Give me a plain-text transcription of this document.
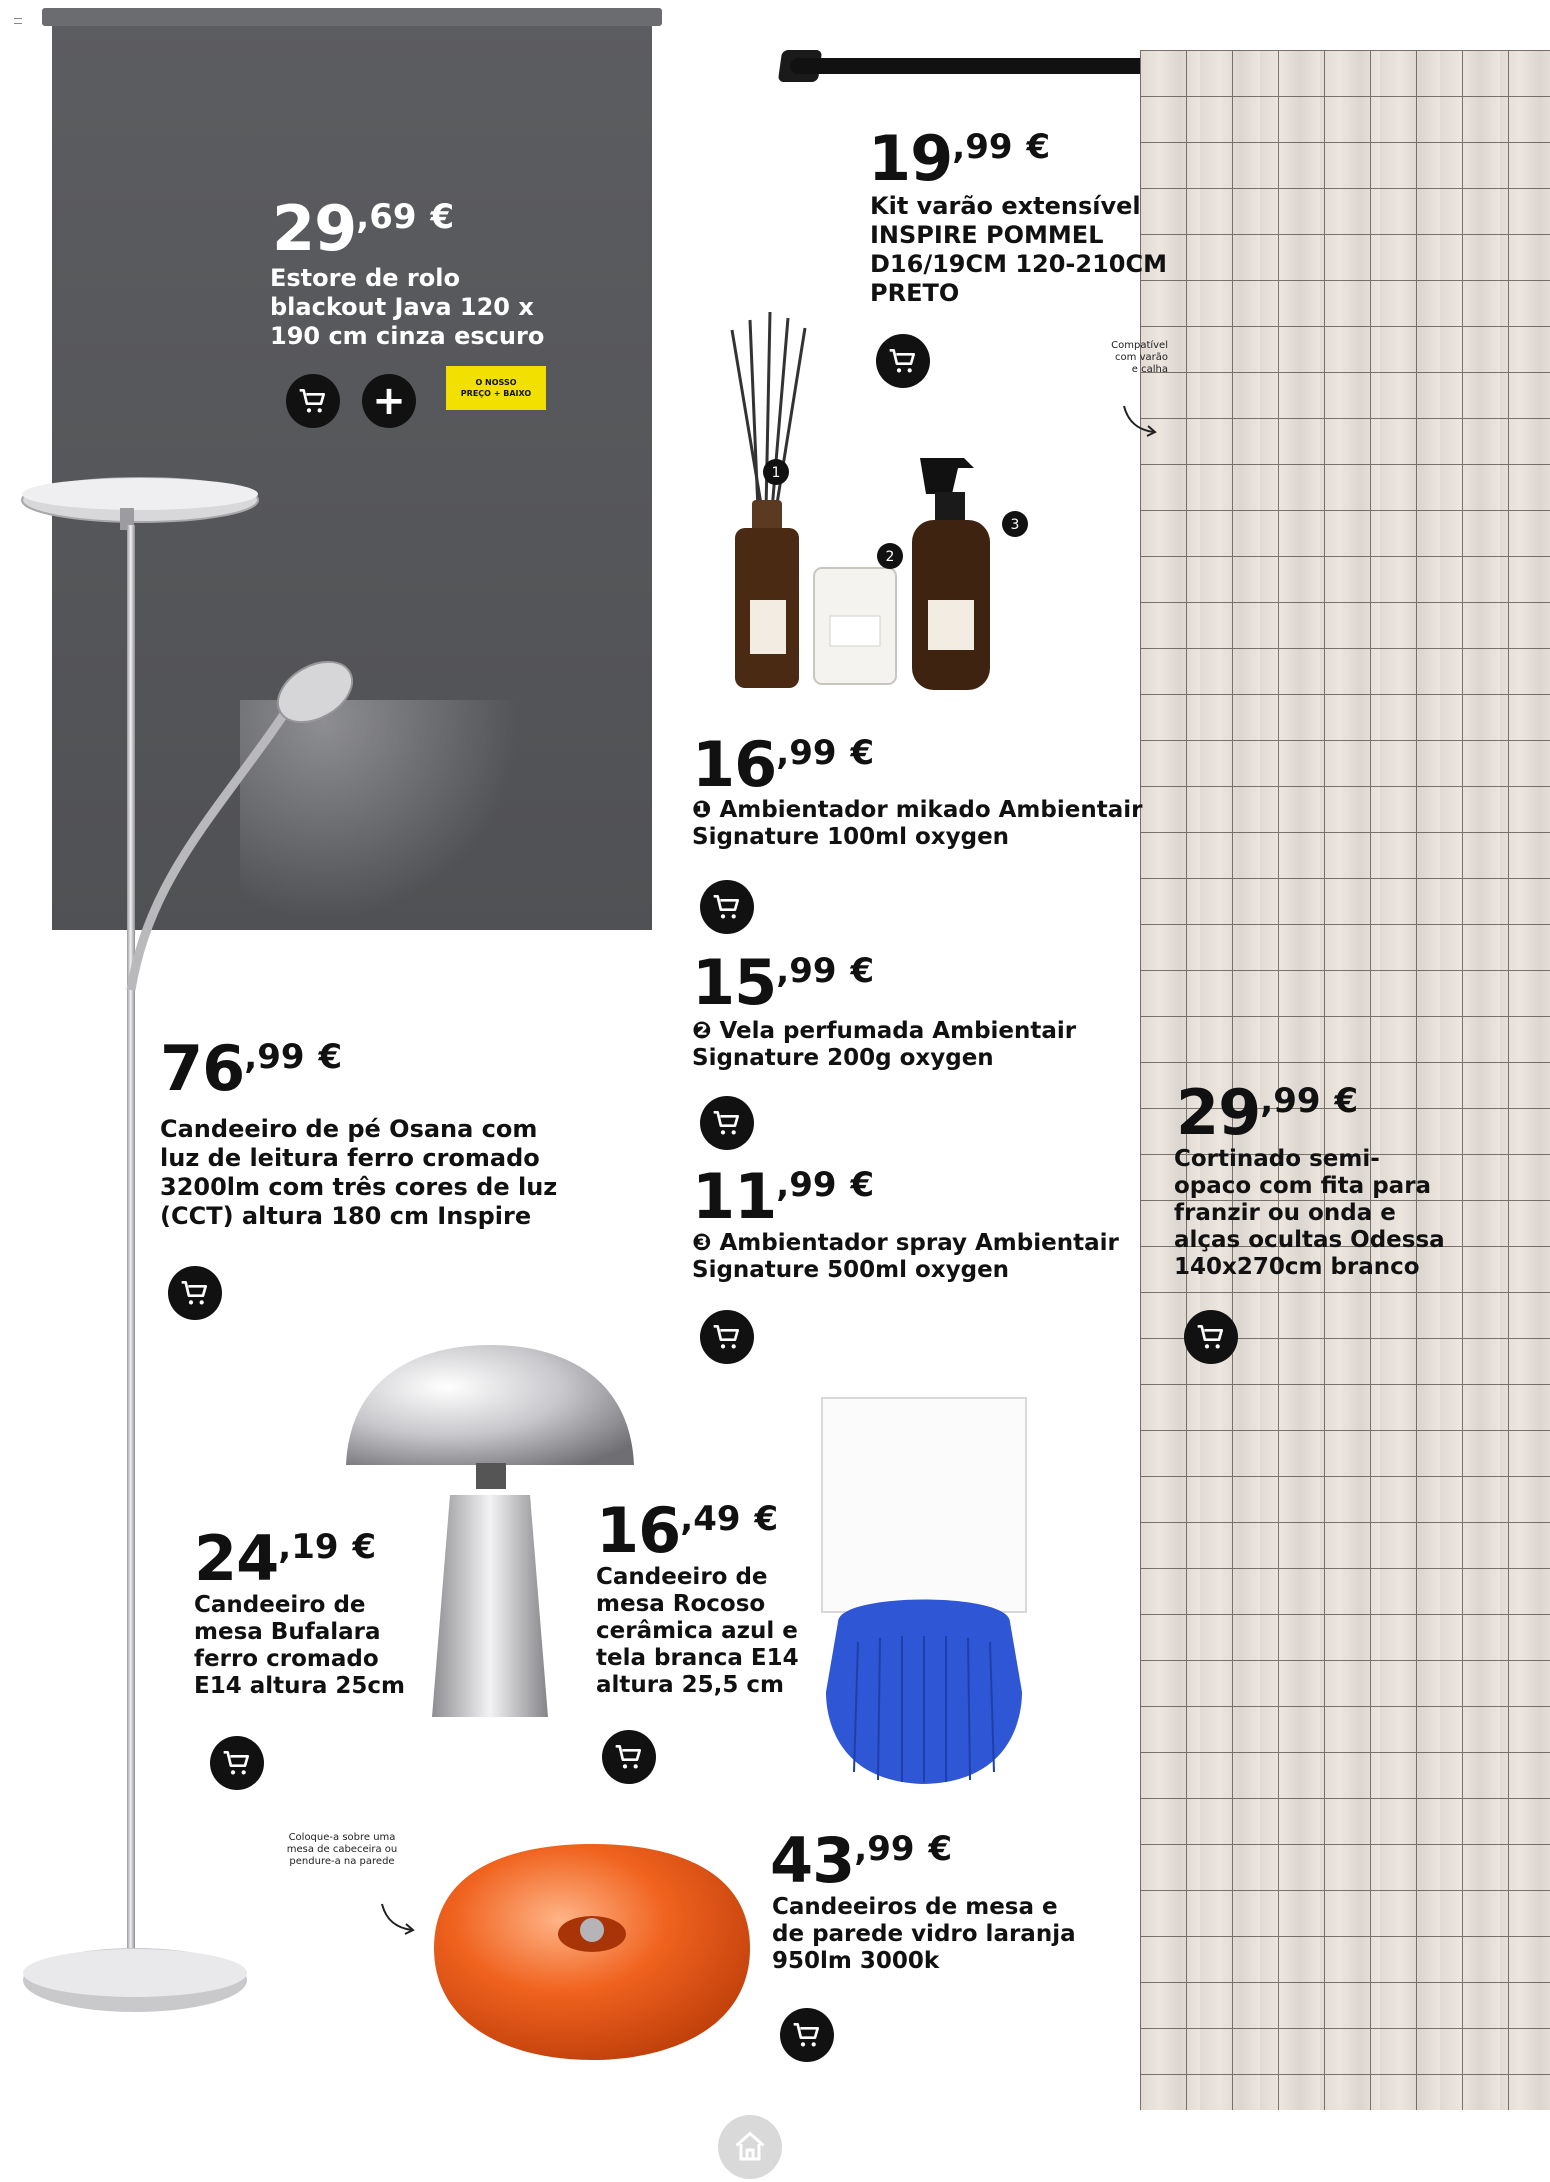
29,69 €
Estore de rolo
blackout Java 120 x
190 cm cinza escuro
+	O NOSSO
PREÇO + BAIXO
76,99 €
Candeeiro de pé Osana com
luz de leitura ferro cromado
3200lm com três cores de luz
(CCT) altura 180 cm Inspire
19,99 €
Kit varão extensível
INSPIRE POMMEL
D16/19CM 120-210CM
PRETO
Compatível
com varão
e calha
1
2
3
16,99 €
❶ Ambientador mikado Ambientair
Signature 100ml oxygen
15,99 €
❷ Vela perfumada Ambientair
Signature 200g oxygen
11,99 €
❸ Ambientador spray Ambientair
Signature 500ml oxygen
29,99 €
Cortinado semi-
opaco com fita para
franzir ou onda e
alças ocultas Odessa
140x270cm branco
24,19 €
Candeeiro de
mesa Bufalara
ferro cromado
E14 altura 25cm
16,49 €
Candeeiro de
mesa Rocoso
cerâmica azul e
tela branca E14
altura 25,5 cm
Coloque-a sobre uma
mesa de cabeceira ou
pendure-a na parede	43,99 €
Candeeiros de mesa e
de parede vidro laranja
950lm 3000k
